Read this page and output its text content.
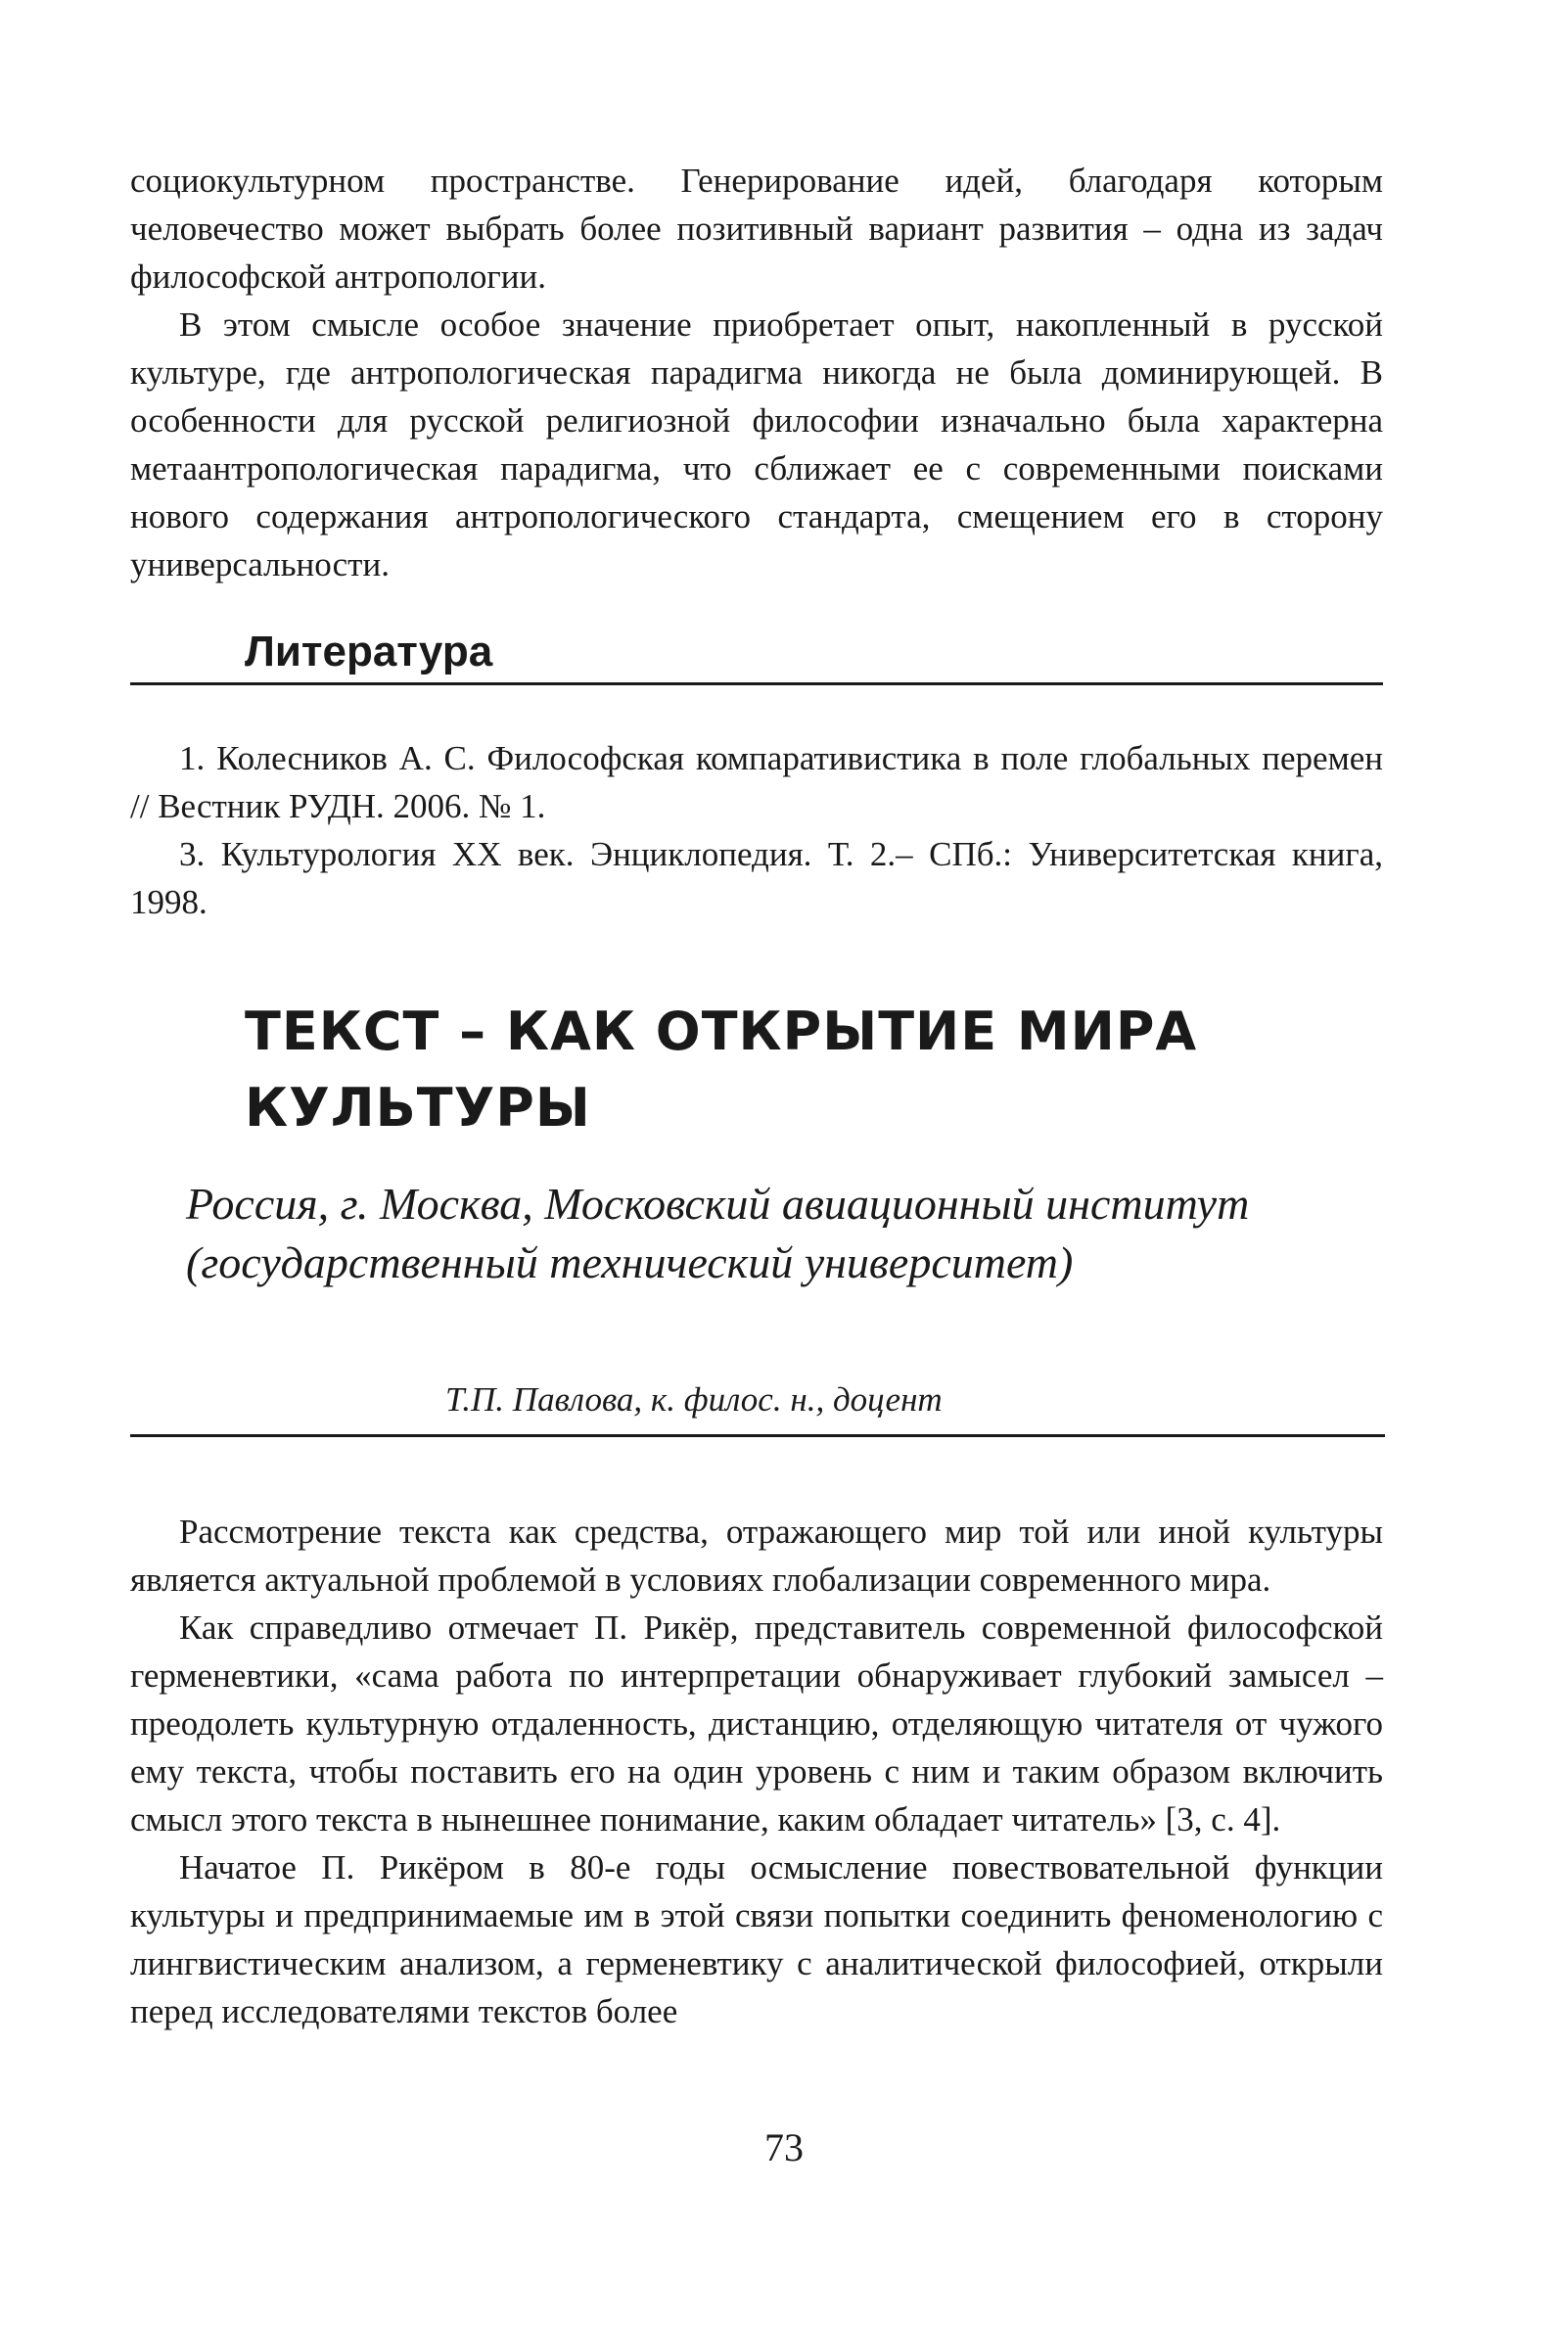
социокультурном пространстве. Генерирование идей, благодаря которым человечество может выбрать более позитивный вариант развития – одна из задач философской антропологии.

В этом смысле особое значение приобретает опыт, накопленный в русской культуре, где антропологическая парадигма никогда не была доминирующей. В особенности для русской религиозной философии изначально была характерна метаантропологическая парадигма, что сближает ее с современными поисками нового содержания антропологического стандарта, смещением его в сторону универсальности.

Литература

1. Колесников А. С. Философская компаративистика в поле глобальных перемен // Вестник РУДН. 2006. № 1.

3. Культурология XX век. Энциклопедия. Т. 2.– СПб.: Университетская книга, 1998.

ТЕКСТ – КАК ОТКРЫТИЕ МИРА КУЛЬТУРЫ

Россия, г. Москва, Московский авиационный институт (государственный технический университет)

Т.П. Павлова, к. филос. н., доцент

Рассмотрение текста как средства, отражающего мир той или иной культуры является актуальной проблемой в условиях глобализации современного мира.

Как справедливо отмечает П. Рикёр, представитель современной философской герменевтики, «сама работа по интерпретации обнаруживает глубокий замысел – преодолеть культурную отдаленность, дистанцию, отделяющую читателя от чужого ему текста, чтобы поставить его на один уровень с ним и таким образом включить смысл этого текста в нынешнее понимание, каким обладает читатель» [3, с. 4].

Начатое П. Рикёром в 80-е годы осмысление повествовательной функции культуры и предпринимаемые им в этой связи попытки соединить феноменологию с лингвистическим анализом, а герменевтику с аналитической философией, открыли перед исследователями текстов более

73
